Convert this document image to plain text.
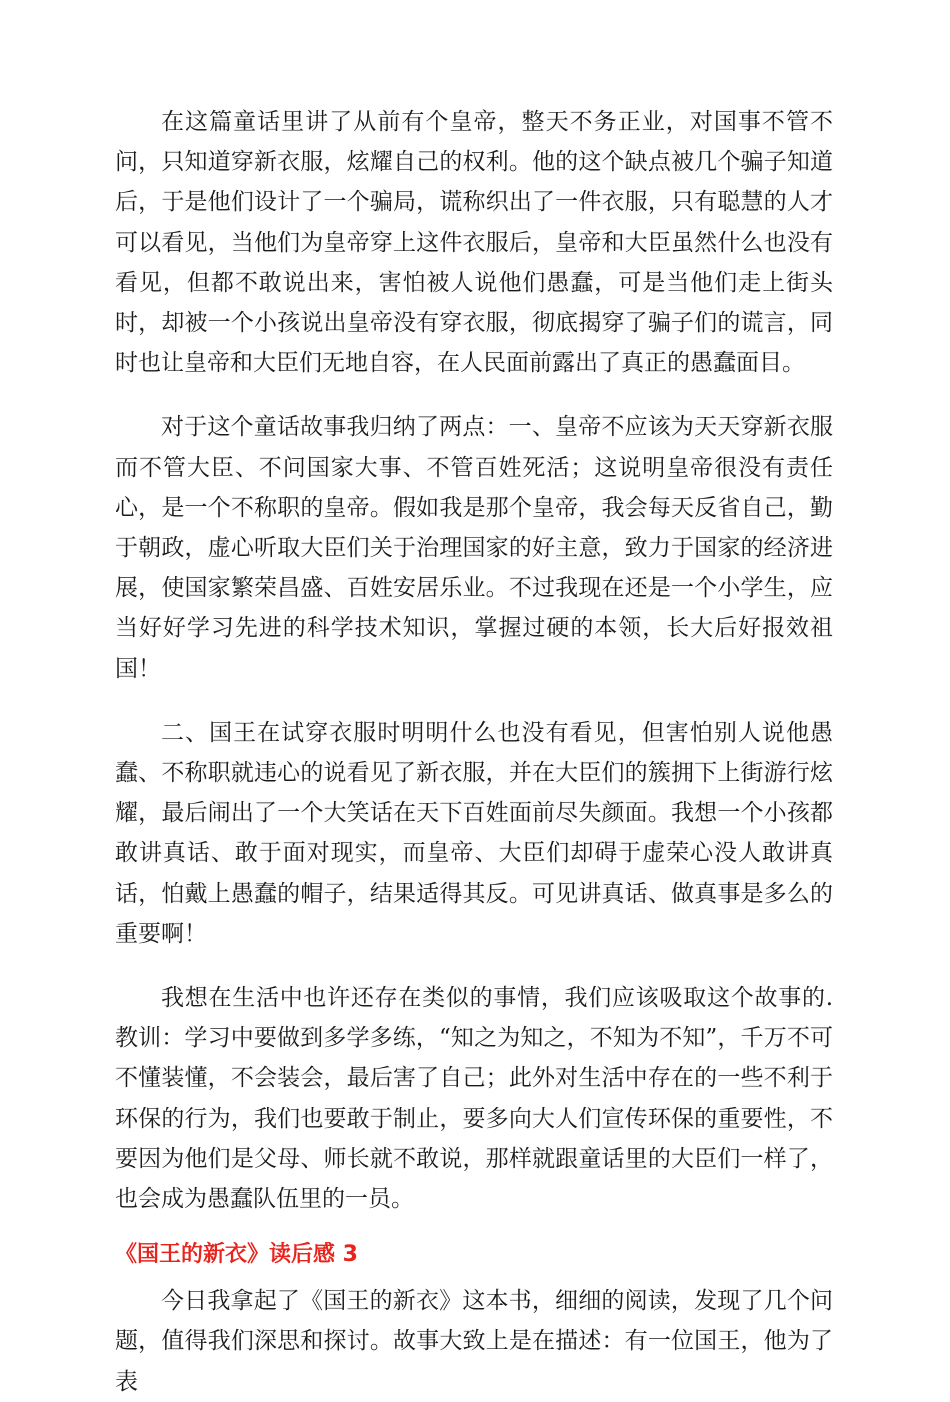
在这篇童话里讲了从前有个皇帝，整天不务正业，对国事不管不问，只知道穿新衣服，炫耀自己的权利。他的这个缺点被几个骗子知道后，于是他们设计了一个骗局，谎称织出了一件衣服，只有聪慧的人才可以看见，当他们为皇帝穿上这件衣服后，皇帝和大臣虽然什么也没有看见，但都不敢说出来，害怕被人说他们愚蠢，可是当他们走上街头时，却被一个小孩说出皇帝没有穿衣服，彻底揭穿了骗子们的谎言，同时也让皇帝和大臣们无地自容，在人民面前露出了真正的愚蠢面目。

对于这个童话故事我归纳了两点：一、皇帝不应该为天天穿新衣服而不管大臣、不问国家大事、不管百姓死活；这说明皇帝很没有责任心，是一个不称职的皇帝。假如我是那个皇帝，我会每天反省自己，勤于朝政，虚心听取大臣们关于治理国家的好主意，致力于国家的经济进展，使国家繁荣昌盛、百姓安居乐业。不过我现在还是一个小学生，应当好好学习先进的科学技术知识，掌握过硬的本领，长大后好报效祖国！

二、国王在试穿衣服时明明什么也没有看见，但害怕别人说他愚蠢、不称职就违心的说看见了新衣服，并在大臣们的簇拥下上街游行炫耀，最后闹出了一个大笑话在天下百姓面前尽失颜面。我想一个小孩都敢讲真话、敢于面对现实，而皇帝、大臣们却碍于虚荣心没人敢讲真话，怕戴上愚蠢的帽子，结果适得其反。可见讲真话、做真事是多么的重要啊！

我想在生活中也许还存在类似的事情，我们应该吸取这个故事的.教训：学习中要做到多学多练，“知之为知之，不知为不知”，千万不可不懂装懂，不会装会，最后害了自己；此外对生活中存在的一些不利于环保的行为，我们也要敢于制止，要多向大人们宣传环保的重要性，不要因为他们是父母、师长就不敢说，那样就跟童话里的大臣们一样了，也会成为愚蠢队伍里的一员。

《国王的新衣》读后感 3

今日我拿起了《国王的新衣》这本书，细细的阅读，发现了几个问题，值得我们深思和探讨。故事大致上是在描述：有一位国王，他为了表
